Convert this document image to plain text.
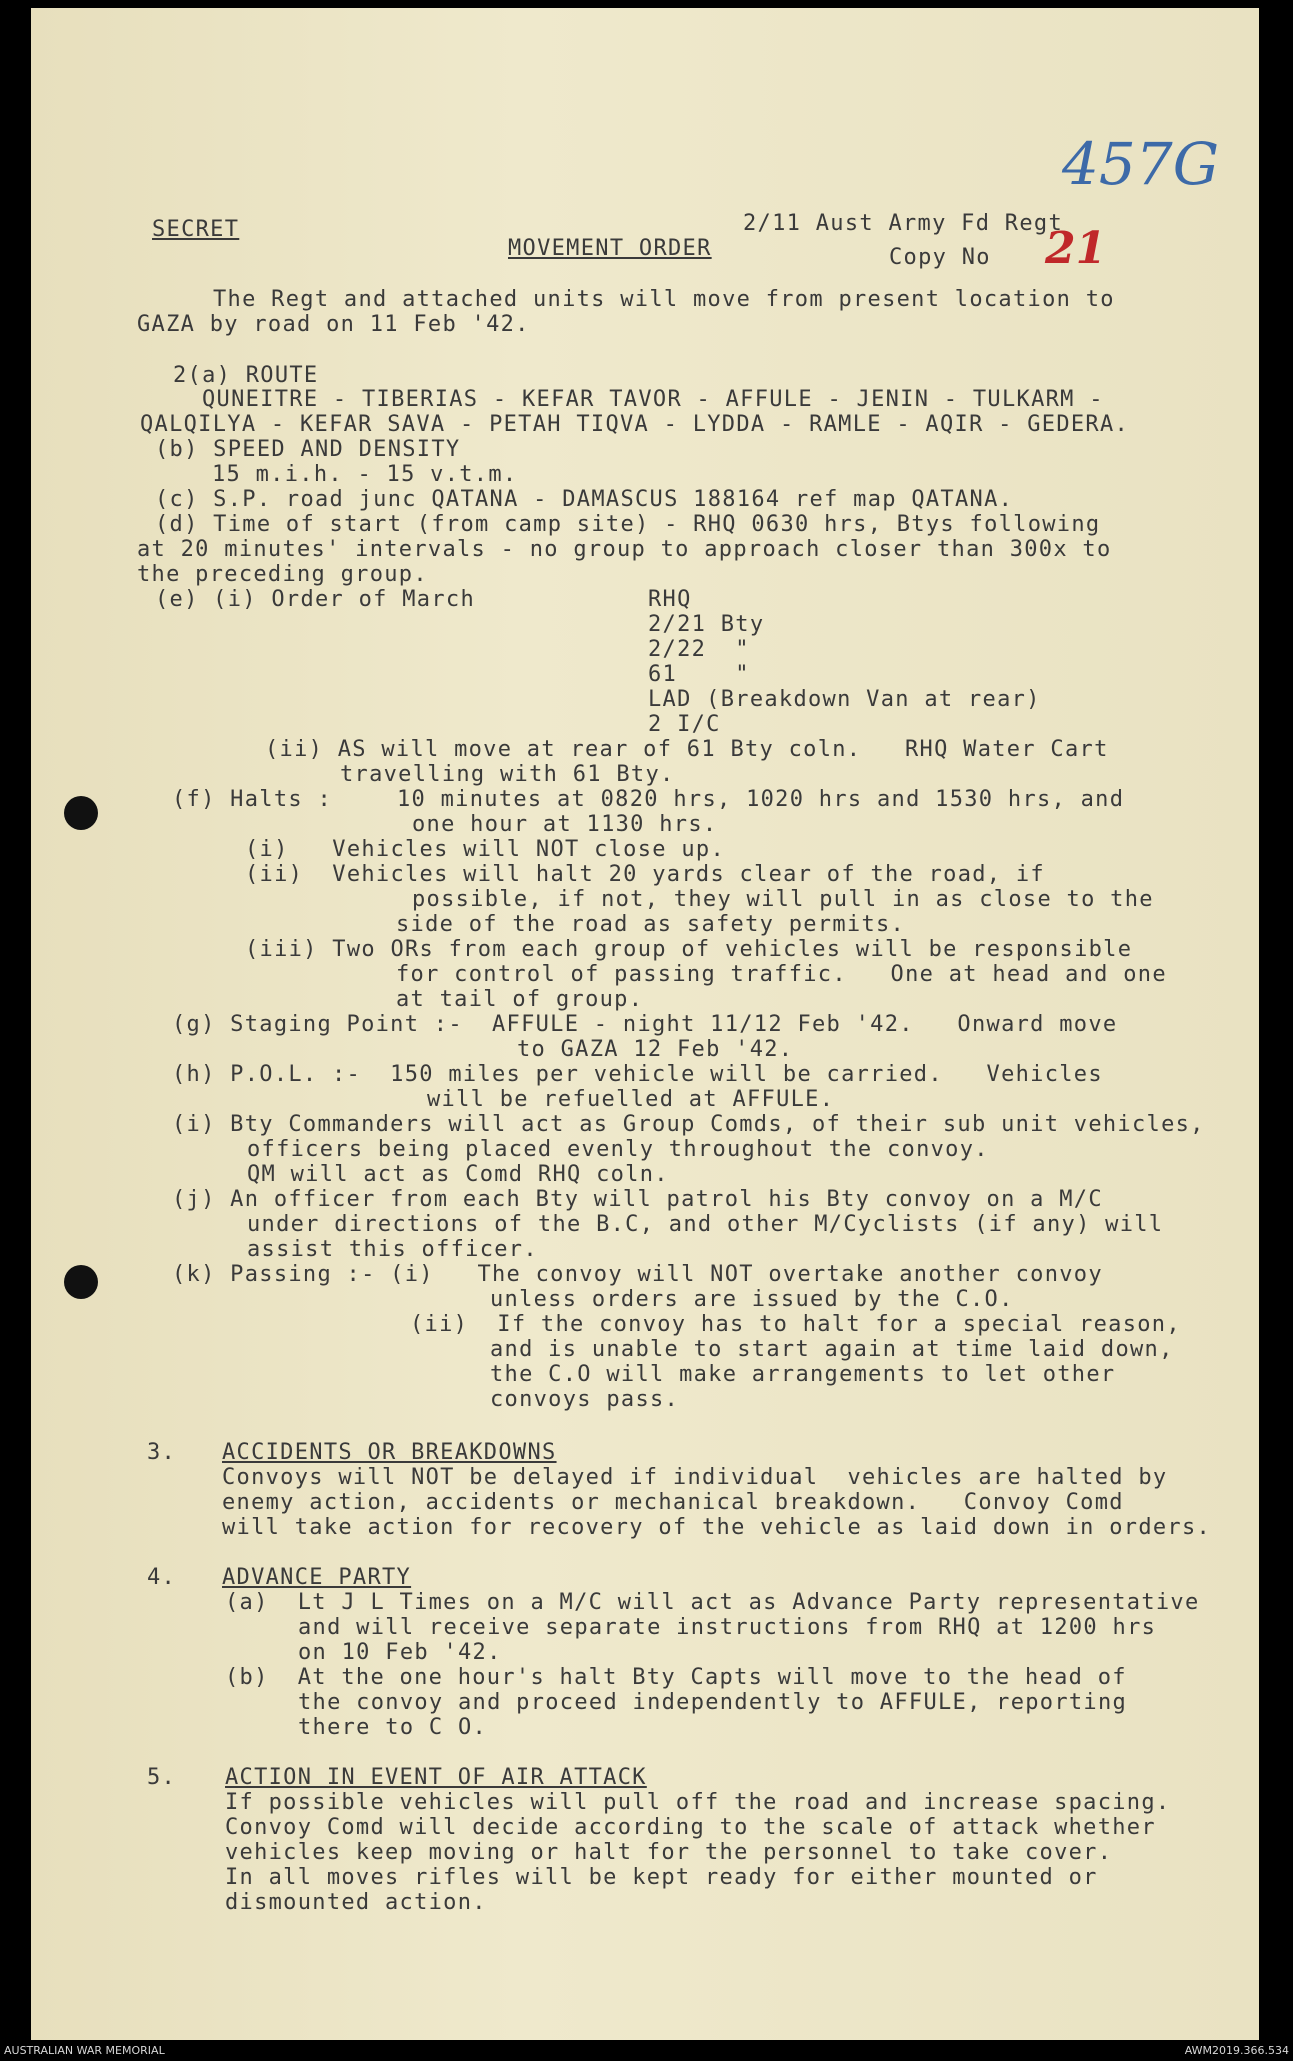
457G
21
SECRET	2/11 Aust Army Fd Regt
MOVEMENT ORDER	Copy No
The Regt and attached units will move from present location to
GAZA by road on 11 Feb '42.
2(a) ROUTE
QUNEITRE - TIBERIAS - KEFAR TAVOR - AFFULE - JENIN - TULKARM -
QALQILYA - KEFAR SAVA - PETAH TIQVA - LYDDA - RAMLE - AQIR - GEDERA.
(b) SPEED AND DENSITY
15 m.i.h. - 15 v.t.m.
(c) S.P. road junc QATANA - DAMASCUS 188164 ref map QATANA.
(d) Time of start (from camp site) - RHQ 0630 hrs, Btys following
at 20 minutes' intervals - no group to approach closer than 300x to
the preceding group.
(e) (i) Order of March	RHQ
2/21 Bty
2/22  "
61    "
LAD (Breakdown Van at rear)
2 I/C
(ii) AS will move at rear of 61 Bty coln.   RHQ Water Cart
travelling with 61 Bty.
(f) Halts :	10 minutes at 0820 hrs, 1020 hrs and 1530 hrs, and
one hour at 1130 hrs.
(i)   Vehicles will NOT close up.
(ii)  Vehicles will halt 20 yards clear of the road, if
possible, if not, they will pull in as close to the
side of the road as safety permits.
(iii) Two ORs from each group of vehicles will be responsible
for control of passing traffic.   One at head and one
at tail of group.
(g) Staging Point :-  AFFULE - night 11/12 Feb '42.   Onward move
to GAZA 12 Feb '42.
(h) P.O.L. :-  150 miles per vehicle will be carried.   Vehicles
will be refuelled at AFFULE.
(i) Bty Commanders will act as Group Comds, of their sub unit vehicles,
officers being placed evenly throughout the convoy.
QM will act as Comd RHQ coln.
(j) An officer from each Bty will patrol his Bty convoy on a M/C
under directions of the B.C, and other M/Cyclists (if any) will
assist this officer.
(k) Passing :- (i)   The convoy will NOT overtake another convoy
unless orders are issued by the C.O.
(ii)  If the convoy has to halt for a special reason,
and is unable to start again at time laid down,
the C.O will make arrangements to let other
convoys pass.
3. ACCIDENTS OR BREAKDOWNS
Convoys will NOT be delayed if individual  vehicles are halted by
enemy action, accidents or mechanical breakdown.   Convoy Comd
will take action for recovery of the vehicle as laid down in orders.
4. ADVANCE PARTY
(a)  Lt J L Times on a M/C will act as Advance Party representative
and will receive separate instructions from RHQ at 1200 hrs
on 10 Feb '42.
(b)  At the one hour's halt Bty Capts will move to the head of
the convoy and proceed independently to AFFULE, reporting
there to C O.
5. ACTION IN EVENT OF AIR ATTACK
If possible vehicles will pull off the road and increase spacing.
Convoy Comd will decide according to the scale of attack whether
vehicles keep moving or halt for the personnel to take cover.
In all moves rifles will be kept ready for either mounted or
dismounted action.
AUSTRALIAN WAR MEMORIAL	AWM2019.366.534
